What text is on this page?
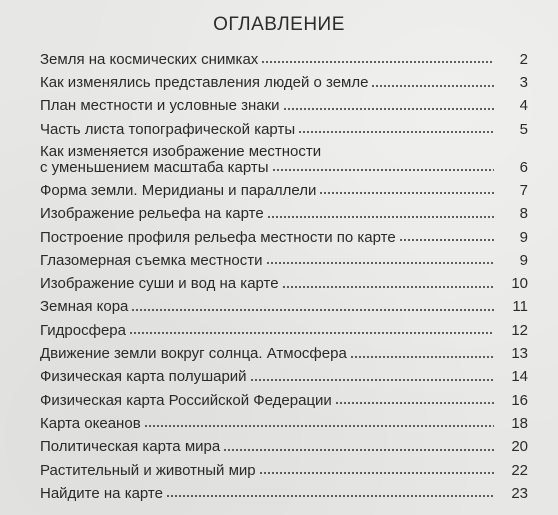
ОГЛАВЛЕНИЕ
Земля на космических снимках	2
Как изменялись представления людей о земле	3
План местности и условные знаки	4
Часть листа топографической карты	5
Как изменяется изображение местности
с уменьшением масштаба карты	6
Форма земли. Меридианы и параллели	7
Изображение рельефа на карте	8
Построение профиля рельефа местности по карте	9
Глазомерная съемка местности	9
Изображение суши и вод на карте	10
Земная кора	11
Гидросфера	12
Движение земли вокруг солнца. Атмосфера	13
Физическая карта полушарий	14
Физическая карта Российской Федерации	16
Карта океанов	18
Политическая карта мира	20
Растительный и животный мир	22
Найдите на карте	23
